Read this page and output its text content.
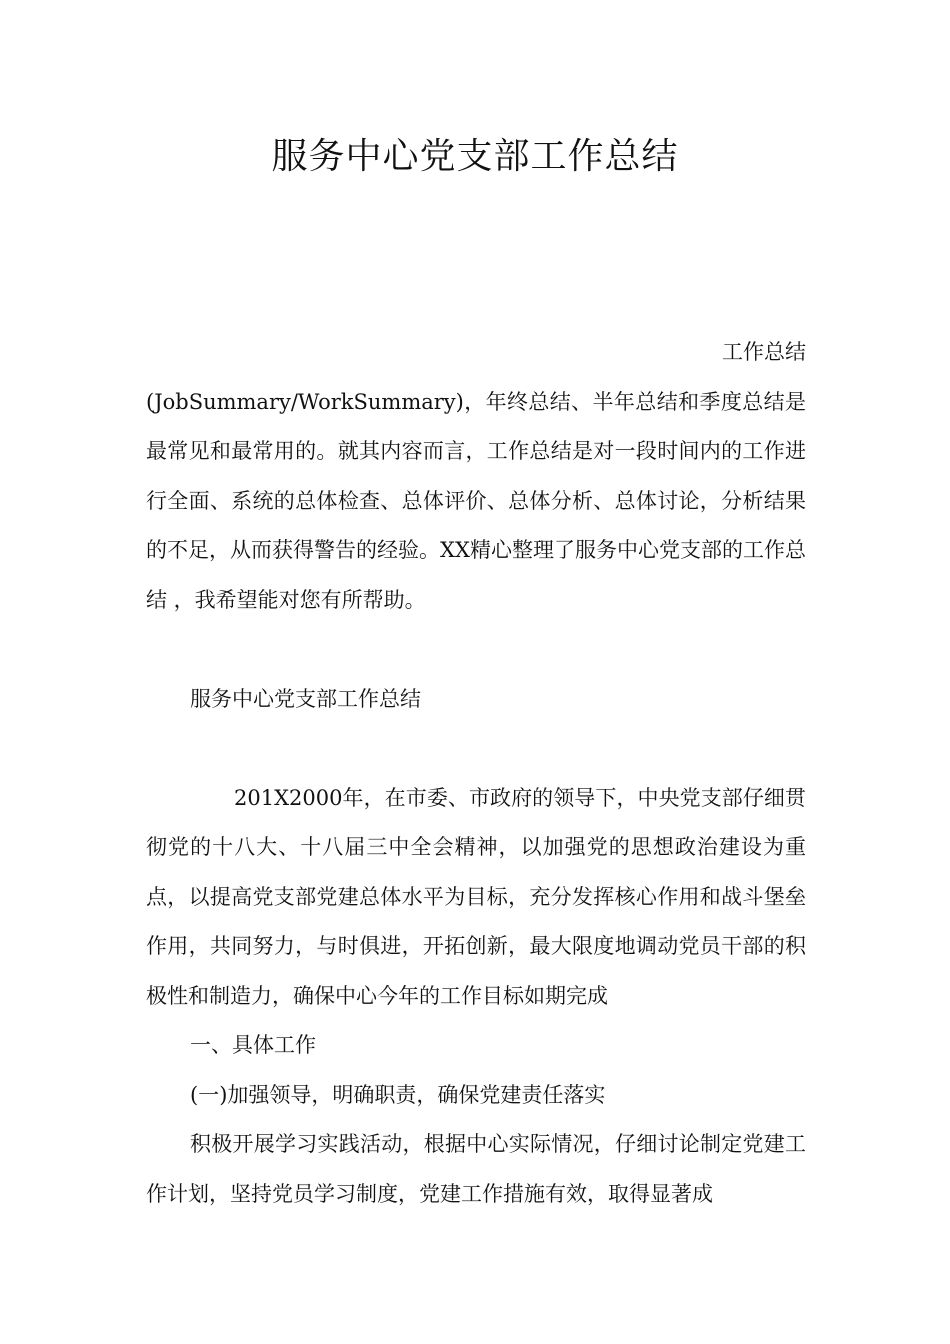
服务中心党支部工作总结

工作总结

(JobSummary/WorkSummary)，年终总结、半年总结和季度总结是最常见和最常用的。就其内容而言，工作总结是对一段时间内的工作进行全面、系统的总体检查、总体评价、总体分析、总体讨论，分析结果的不足，从而获得警告的经验。XX精心整理了服务中心党支部的工作总结 ，我希望能对您有所帮助。

服务中心党支部工作总结

201X2000年，在市委、市政府的领导下，中央党支部仔细贯彻党的十八大、十八届三中全会精神，以加强党的思想政治建设为重点，以提高党支部党建总体水平为目标，充分发挥核心作用和战斗堡垒作用，共同努力，与时俱进，开拓创新，最大限度地调动党员干部的积极性和制造力，确保中心今年的工作目标如期完成

一、具体工作

(一)加强领导，明确职责，确保党建责任落实

积极开展学习实践活动，根据中心实际情况，仔细讨论制定党建工作计划，坚持党员学习制度，党建工作措施有效，取得显著成
